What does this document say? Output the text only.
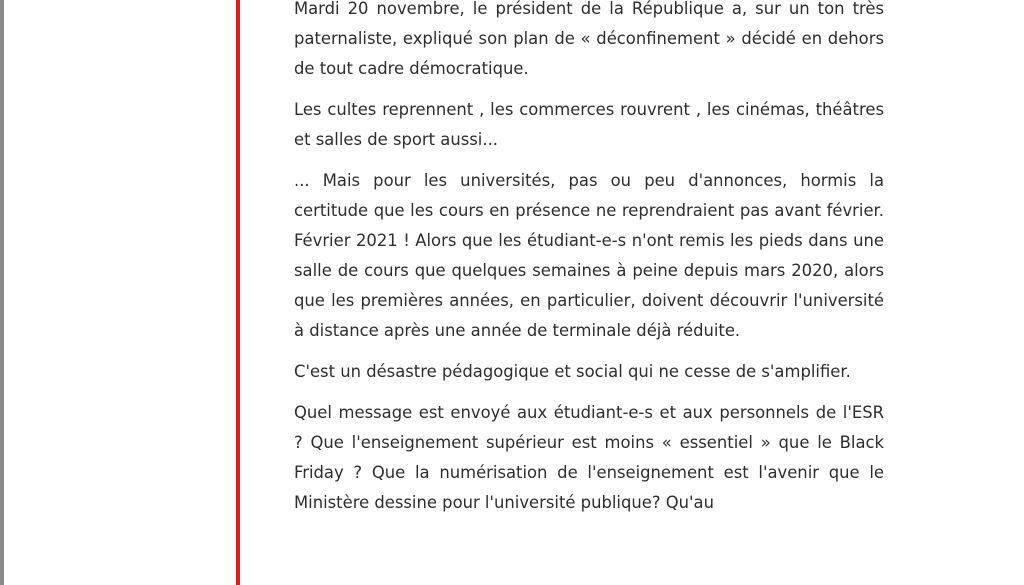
Mardi 20 novembre, le président de la République a, sur un ton très paternaliste, expliqué son plan de « déconfinement » décidé en dehors de tout cadre démocratique.

Les cultes reprennent , les commerces rouvrent , les cinémas, théâtres et salles de sport aussi...

... Mais pour les universités, pas ou peu d'annonces, hormis la certitude que les cours en présence ne reprendraient pas avant février. Février 2021 ! Alors que les étudiant-e-s n'ont remis les pieds dans une salle de cours que quelques semaines à peine depuis mars 2020, alors que les premières années, en particulier, doivent découvrir l'université à distance après une année de terminale déjà réduite.

C'est un désastre pédagogique et social qui ne cesse de s'amplifier.

Quel message est envoyé aux étudiant-e-s et aux personnels de l'ESR ? Que l'enseignement supérieur est moins « essentiel » que le Black Friday ? Que la numérisation de l'enseignement est l'avenir que le Ministère dessine pour l'université publique? Qu'au
